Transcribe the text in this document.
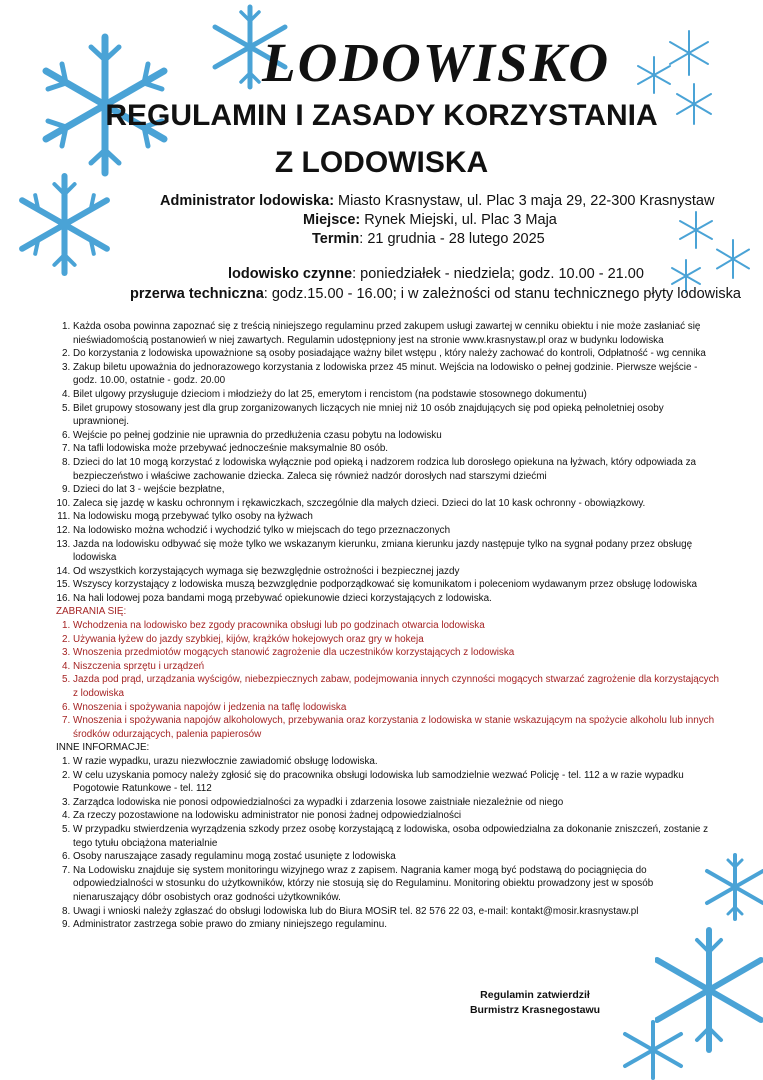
LODOWISKO
REGULAMIN I ZASADY KORZYSTANIA
Z LODOWISKA
Administrator lodowiska: Miasto Krasnystaw, ul. Plac 3 maja 29, 22-300 Krasnystaw
Miejsce: Rynek Miejski, ul. Plac 3 Maja
Termin: 21 grudnia - 28 lutego 2025
lodowisko czynne: poniedziałek - niedziela; godz. 10.00 - 21.00
przerwa techniczna: godz.15.00 - 16.00; i w zależności od stanu technicznego płyty lodowiska
1. Każda osoba powinna zapoznać się z treścią niniejszego regulaminu przed zakupem usługi zawartej w cenniku obiektu i nie może zasłaniać się nieświadomością postanowień w niej zawartych. Regulamin udostępniony jest na stronie www.krasnystaw.pl oraz w budynku lodowiska
2. Do korzystania z lodowiska upoważnione są osoby posiadające ważny bilet wstępu , który należy zachować do kontroli, Odpłatność - wg cennika
3. Zakup biletu upoważnia do jednorazowego korzystania z lodowiska przez 45 minut. Wejścia na lodowisko o pełnej godzinie. Pierwsze wejście - godz. 10.00, ostatnie - godz. 20.00
4. Bilet ulgowy przysługuje dzieciom i młodzieży do lat 25, emerytom i rencistom (na podstawie stosownego dokumentu)
5. Bilet grupowy stosowany jest dla grup zorganizowanych liczących nie mniej niż 10 osób znajdujących się pod opieką pełnoletniej osoby uprawnionej.
6. Wejście po pełnej godzinie nie uprawnia do przedłużenia czasu pobytu na lodowisku
7. Na tafli lodowiska może przebywać jednocześnie maksymalnie 80 osób.
8. Dzieci do lat 10 mogą korzystać z lodowiska wyłącznie pod opieką i nadzorem rodzica lub dorosłego opiekuna na łyżwach, który odpowiada za bezpieczeństwo i właściwe zachowanie dziecka. Zaleca się również nadzór dorosłych nad starszymi dziećmi
9. Dzieci do lat 3 - wejście bezpłatne,
10. Zaleca się jazdę w kasku ochronnym i rękawiczkach, szczególnie dla małych dzieci. Dzieci do lat 10 kask ochronny - obowiązkowy.
11. Na lodowisku mogą przebywać tylko osoby na łyżwach
12. Na lodowisko można wchodzić i wychodzić tylko w miejscach do tego przeznaczonych
13. Jazda na lodowisku odbywać się może tylko we wskazanym kierunku, zmiana kierunku jazdy następuje tylko na sygnał podany przez obsługę lodowiska
14. Od wszystkich korzystających wymaga się bezwzględnie ostrożności i bezpiecznej jazdy
15. Wszyscy korzystający z lodowiska muszą bezwzględnie podporządkować się komunikatom i poleceniom wydawanym przez obsługę lodowiska
16. Na hali lodowej poza bandami mogą przebywać opiekunowie dzieci korzystających z lodowiska.

ZABRANIA SIĘ:

1. Wchodzenia na lodowisko bez zgody pracownika obsługi lub po godzinach otwarcia lodowiska
2. Używania łyżew do jazdy szybkiej, kijów, krążków hokejowych oraz gry w hokeja
3. Wnoszenia przedmiotów mogących stanowić zagrożenie dla uczestników korzystających z lodowiska
4. Niszczenia sprzętu i urządzeń
5. Jazda pod prąd, urządzania wyścigów, niebezpiecznych zabaw, podejmowania innych czynności mogących stwarzać zagrożenie dla korzystających z lodowiska
6. Wnoszenia i spożywania napojów i jedzenia na taflę lodowiska
7. Wnoszenia i spożywania napojów alkoholowych, przebywania oraz korzystania z lodowiska w stanie wskazującym na spożycie alkoholu lub innych środków odurzających, palenia papierosów

INNE INFORMACJE:

1. W razie wypadku, urazu niezwłocznie zawiadomić obsługę lodowiska.
2. W celu uzyskania pomocy należy zgłosić się do pracownika obsługi lodowiska lub samodzielnie wezwać Policję - tel. 112 a w razie wypadku Pogotowie Ratunkowe - tel. 112
3. Zarządca lodowiska nie ponosi odpowiedzialności za wypadki i zdarzenia losowe zaistniałe niezależnie od niego
4. Za rzeczy pozostawione na lodowisku administrator nie ponosi żadnej odpowiedzialności
5. W przypadku stwierdzenia wyrządzenia szkody przez osobę korzystającą z lodowiska, osoba odpowiedzialna za dokonanie zniszczeń, zostanie z tego tytułu obciążona materialnie
6. Osoby naruszające zasady regulaminu mogą zostać usunięte z lodowiska
7. Na Lodowisku znajduje się system monitoringu wizyjnego wraz z zapisem. Nagrania kamer mogą być podstawą do pociągnięcia do odpowiedzialności w stosunku do użytkowników, którzy nie stosują się do Regulaminu. Monitoring obiektu prowadzony jest w sposób nienaruszający dóbr osobistych oraz godności użytkowników.
8. Uwagi i wnioski należy zgłaszać do obsługi lodowiska lub do Biura MOSiR tel. 82 576 22 03, e-mail: kontakt@mosir.krasnystaw.pl
9. Administrator zastrzega sobie prawo do zmiany niniejszego regulaminu.
Regulamin zatwierdził
Burmistrz Krasnegostawu
